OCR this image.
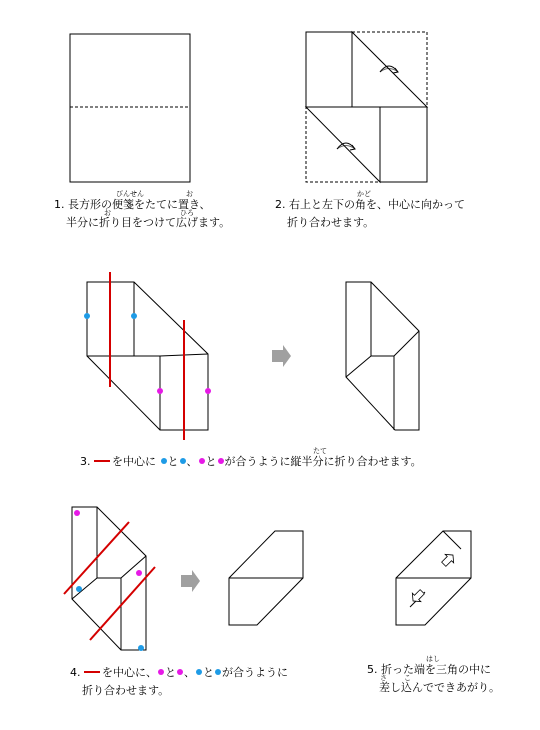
びんせん	お
お	ひろ
1. 長方形の便箋をたてに置き、
半分に折り目をつけて広げます。
かど
2. 右上と左下の角を、中心に向かって
折り合わせます。
たて
3. を中心に と 、 と が合うように縦半分に折り合わせます。
4. を中心に、 と 、 と が合うように
折り合わせます。
はし
さ こ
5. 折った端を三角の中に
差し込んでできあがり。
